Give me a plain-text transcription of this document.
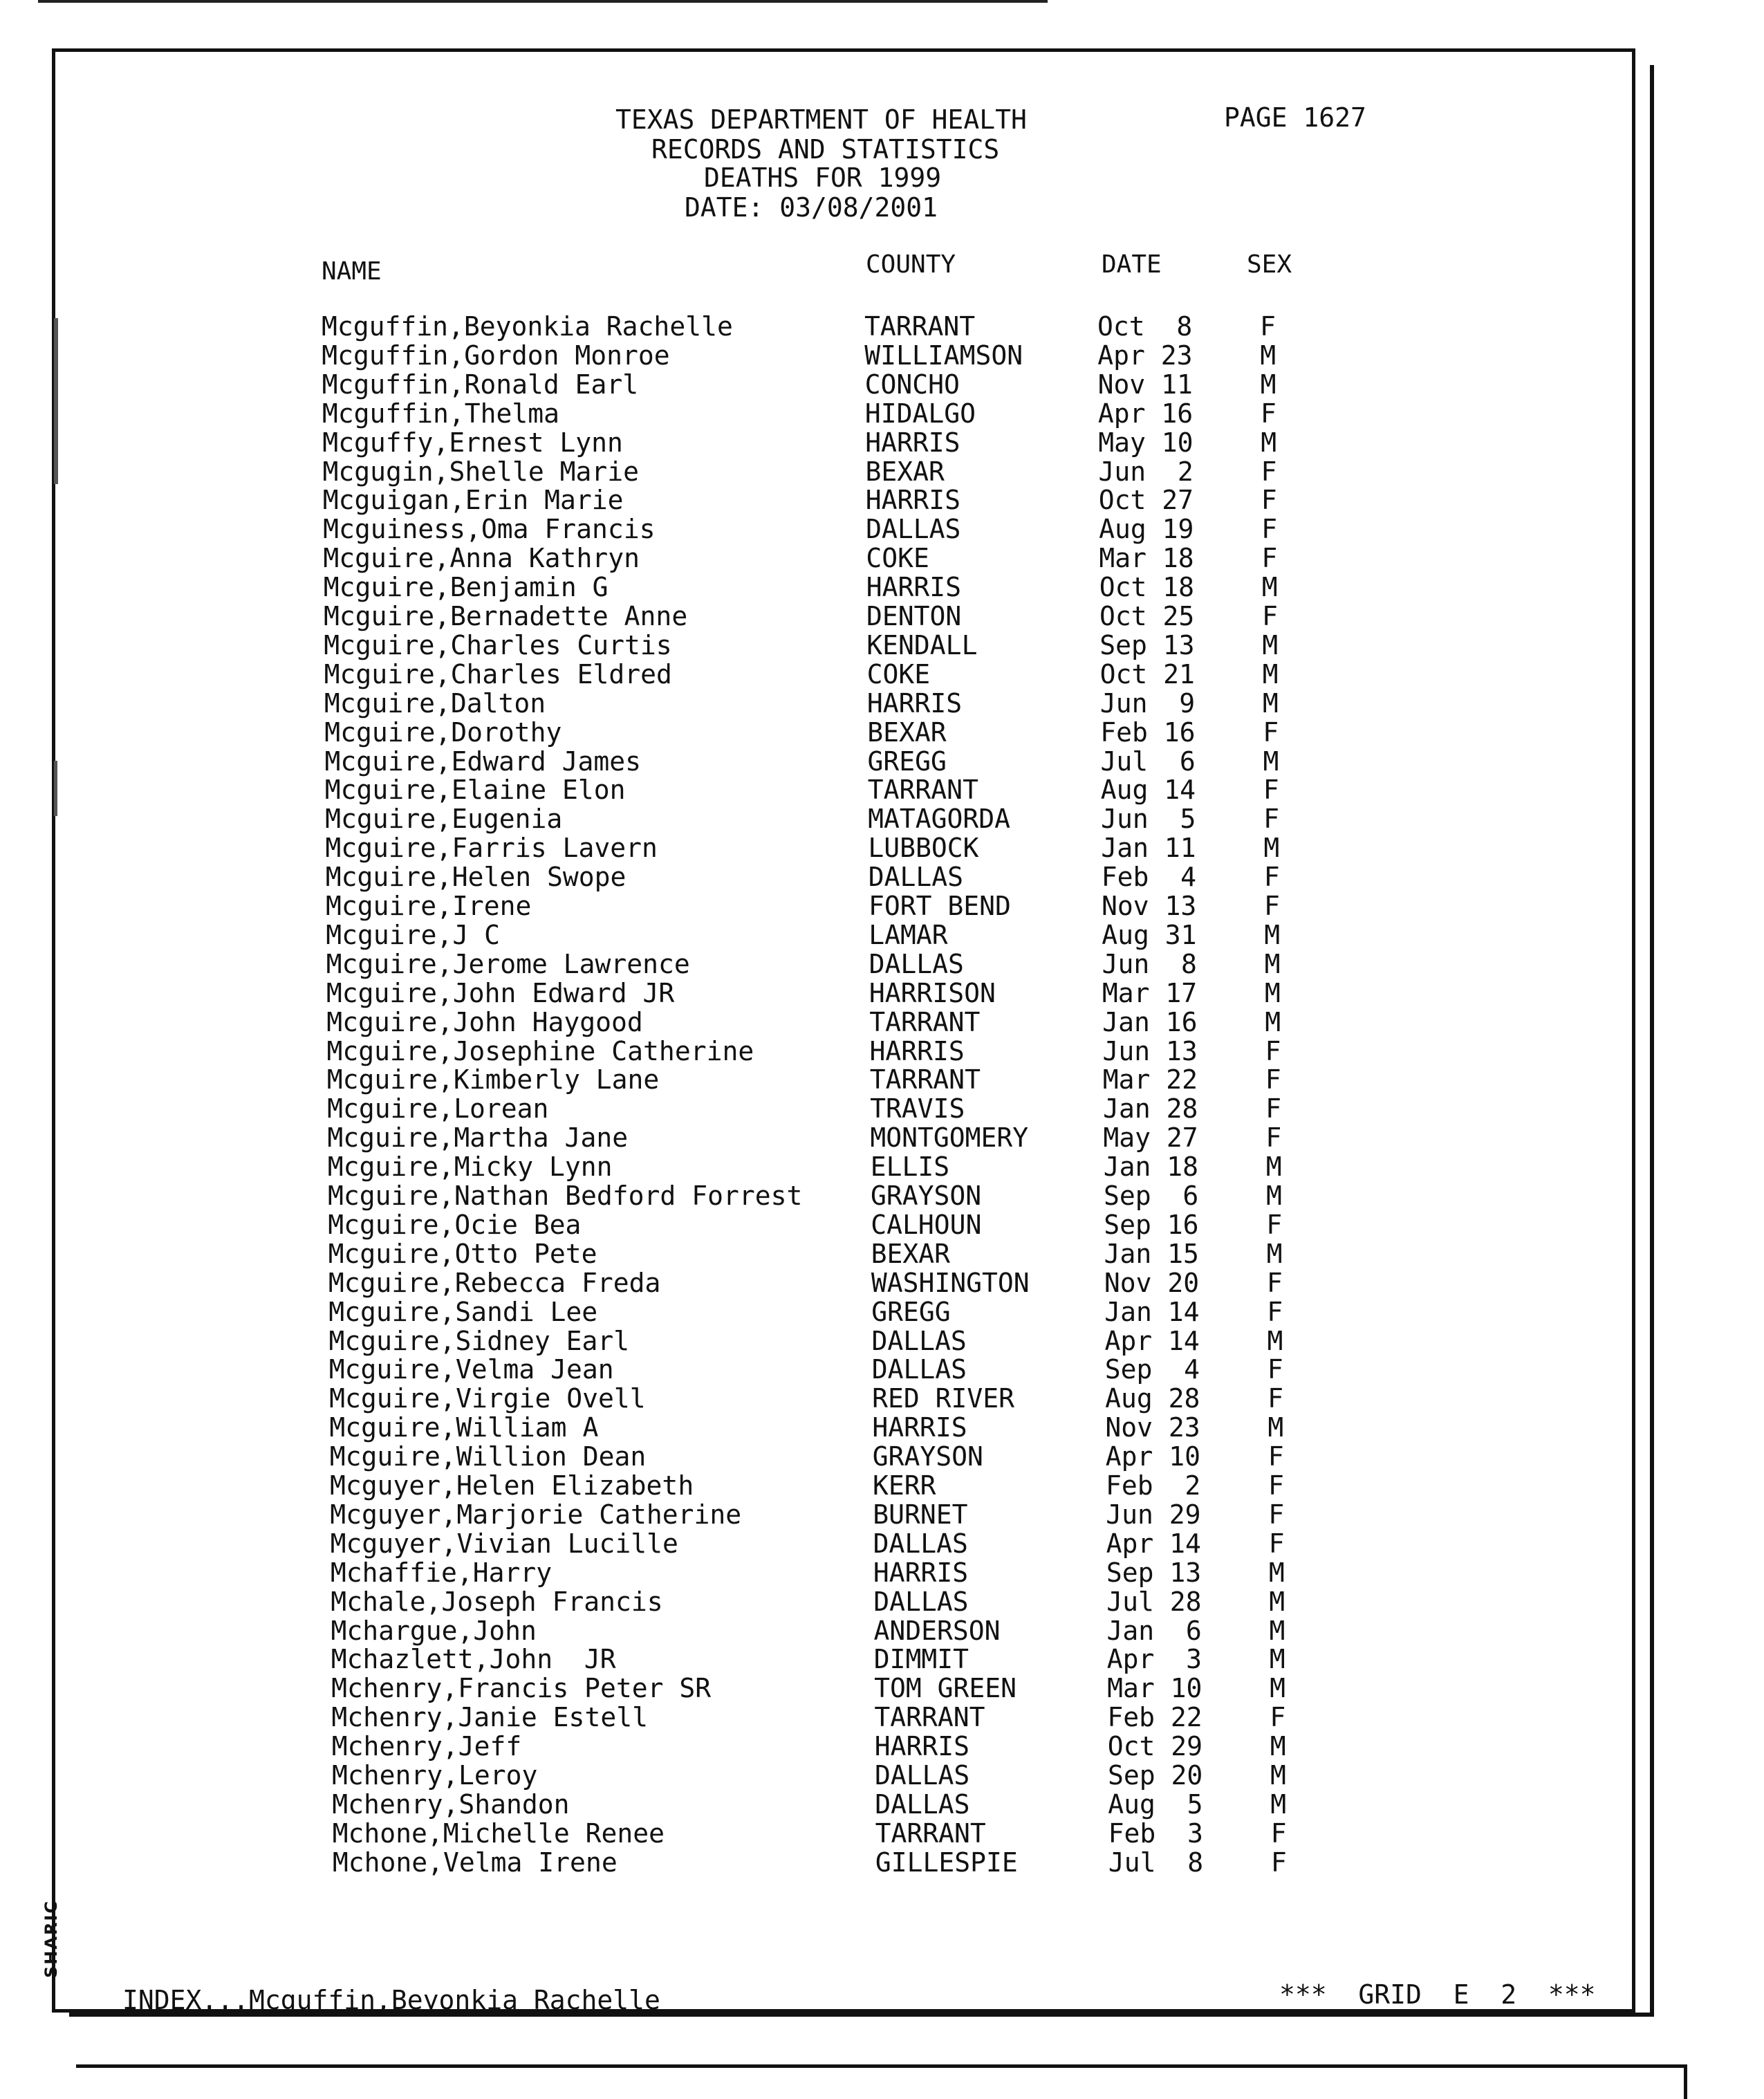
SHARIC

TEXAS DEPARTMENT OF HEALTH	PAGE 1627
RECORDS AND STATISTICS
DEATHS FOR 1999
DATE: 03/08/2001
NAME	COUNTY	DATE	SEX
Mcguffin,Beyonkia Rachelle	TARRANT	Oct  8	F
Mcguffin,Gordon Monroe	WILLIAMSON	Apr 23	M
Mcguffin,Ronald Earl	CONCHO	Nov 11	M
Mcguffin,Thelma	HIDALGO	Apr 16	F
Mcguffy,Ernest Lynn	HARRIS	May 10	M
Mcgugin,Shelle Marie	BEXAR	Jun  2	F
Mcguigan,Erin Marie	HARRIS	Oct 27	F
Mcguiness,Oma Francis	DALLAS	Aug 19	F
Mcguire,Anna Kathryn	COKE	Mar 18	F
Mcguire,Benjamin G	HARRIS	Oct 18	M
Mcguire,Bernadette Anne	DENTON	Oct 25	F
Mcguire,Charles Curtis	KENDALL	Sep 13	M
Mcguire,Charles Eldred	COKE	Oct 21	M
Mcguire,Dalton	HARRIS	Jun  9	M
Mcguire,Dorothy	BEXAR	Feb 16	F
Mcguire,Edward James	GREGG	Jul  6	M
Mcguire,Elaine Elon	TARRANT	Aug 14	F
Mcguire,Eugenia	MATAGORDA	Jun  5	F
Mcguire,Farris Lavern	LUBBOCK	Jan 11	M
Mcguire,Helen Swope	DALLAS	Feb  4	F
Mcguire,Irene	FORT BEND	Nov 13	F
Mcguire,J C	LAMAR	Aug 31	M
Mcguire,Jerome Lawrence	DALLAS	Jun  8	M
Mcguire,John Edward JR	HARRISON	Mar 17	M
Mcguire,John Haygood	TARRANT	Jan 16	M
Mcguire,Josephine Catherine	HARRIS	Jun 13	F
Mcguire,Kimberly Lane	TARRANT	Mar 22	F
Mcguire,Lorean	TRAVIS	Jan 28	F
Mcguire,Martha Jane	MONTGOMERY	May 27	F
Mcguire,Micky Lynn	ELLIS	Jan 18	M
Mcguire,Nathan Bedford Forrest	GRAYSON	Sep  6	M
Mcguire,Ocie Bea	CALHOUN	Sep 16	F
Mcguire,Otto Pete	BEXAR	Jan 15	M
Mcguire,Rebecca Freda	WASHINGTON	Nov 20	F
Mcguire,Sandi Lee	GREGG	Jan 14	F
Mcguire,Sidney Earl	DALLAS	Apr 14	M
Mcguire,Velma Jean	DALLAS	Sep  4	F
Mcguire,Virgie Ovell	RED RIVER	Aug 28	F
Mcguire,William A	HARRIS	Nov 23	M
Mcguire,Willion Dean	GRAYSON	Apr 10	F
Mcguyer,Helen Elizabeth	KERR	Feb  2	F
Mcguyer,Marjorie Catherine	BURNET	Jun 29	F
Mcguyer,Vivian Lucille	DALLAS	Apr 14	F
Mchaffie,Harry	HARRIS	Sep 13	M
Mchale,Joseph Francis	DALLAS	Jul 28	M
Mchargue,John	ANDERSON	Jan  6	M
Mchazlett,John  JR	DIMMIT	Apr  3	M
Mchenry,Francis Peter SR	TOM GREEN	Mar 10	M
Mchenry,Janie Estell	TARRANT	Feb 22	F
Mchenry,Jeff	HARRIS	Oct 29	M
Mchenry,Leroy	DALLAS	Sep 20	M
Mchenry,Shandon	DALLAS	Aug  5	M
Mchone,Michelle Renee	TARRANT	Feb  3	F
Mchone,Velma Irene	GILLESPIE	Jul  8	F
INDEX...Mcguffin,Beyonkia Rachelle	***  GRID  E  2  ***
